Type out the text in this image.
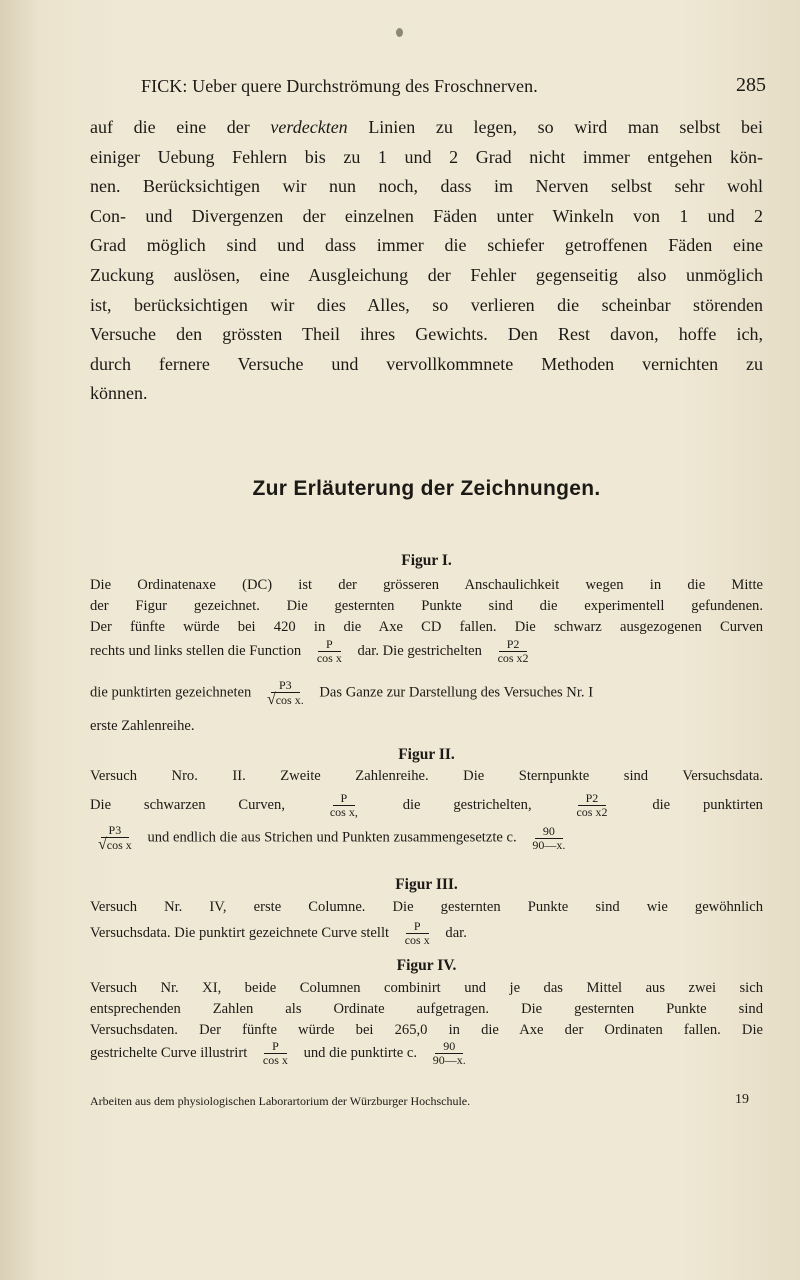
FICK: Ueber quere Durchströmung des Froschnerven.	285
auf die eine der verdeckten Linien zu legen, so wird man selbst bei
einiger Uebung Fehlern bis zu 1 und 2 Grad nicht immer entgehen kön-
nen. Berücksichtigen wir nun noch, dass im Nerven selbst sehr wohl
Con- und Divergenzen der einzelnen Fäden unter Winkeln von 1 und 2
Grad möglich sind und dass immer die schiefer getroffenen Fäden eine
Zuckung auslösen, eine Ausgleichung der Fehler gegenseitig also unmöglich
ist, berücksichtigen wir dies Alles, so verlieren die scheinbar störenden
Versuche den grössten Theil ihres Gewichts. Den Rest davon, hoffe ich,
durch fernere Versuche und vervollkommnete Methoden vernichten zu
können.
Zur Erläuterung der Zeichnungen.
Figur I.
Die Ordinatenaxe (DC) ist der grösseren Anschaulichkeit wegen in die Mitte
der Figur gezeichnet. Die gesternten Punkte sind die experimentell gefundenen.
Der fünfte würde bei 420 in die Axe CD fallen. Die schwarz ausgezogenen Curven
rechts und links stellen die Function $\frac{P}{\text{cos x}}$ dar. Die gestrichelten $\frac{P2}{\text{cos x2}}$
die punktirten gezeichneten $\frac{P3}{\text{√cos x.}}$ Das Ganze zur Darstellung des Versuches Nr. I
erste Zahlenreihe.
Figur II.
Versuch Nro. II. Zweite Zahlenreihe. Die Sternpunkte sind Versuchsdata.
Die schwarzen Curven,	$\frac{P}{\text{cos x,}}$	die gestrichelten,	$\frac{P2}{\text{cos x2}}$	die punktirten
$\frac{P3}{\text{√cos x}}$ und endlich die aus Strichen und Punkten zusammengesetzte c. $\frac{90}{90—x.}$
Figur III.
Versuch Nr. IV, erste Columne. Die gesternten Punkte sind wie gewöhnlich
Versuchsdata. Die punktirt gezeichnete Curve stellt $\frac{P}{\text{cos x}}$ dar.
Figur IV.
Versuch Nr. XI, beide Columnen combinirt und je das Mittel aus zwei sich
entsprechenden Zahlen als Ordinate aufgetragen. Die gesternten Punkte sind
Versuchsdaten. Der fünfte würde bei 265,0 in die Axe der Ordinaten fallen. Die
gestrichelte Curve illustrirt $\frac{P}{\text{cos x}}$ und die punktirte c. $\frac{90}{90—x.}$
Arbeiten aus dem physiologischen Laborartorium der Würzburger Hochschule.	19
